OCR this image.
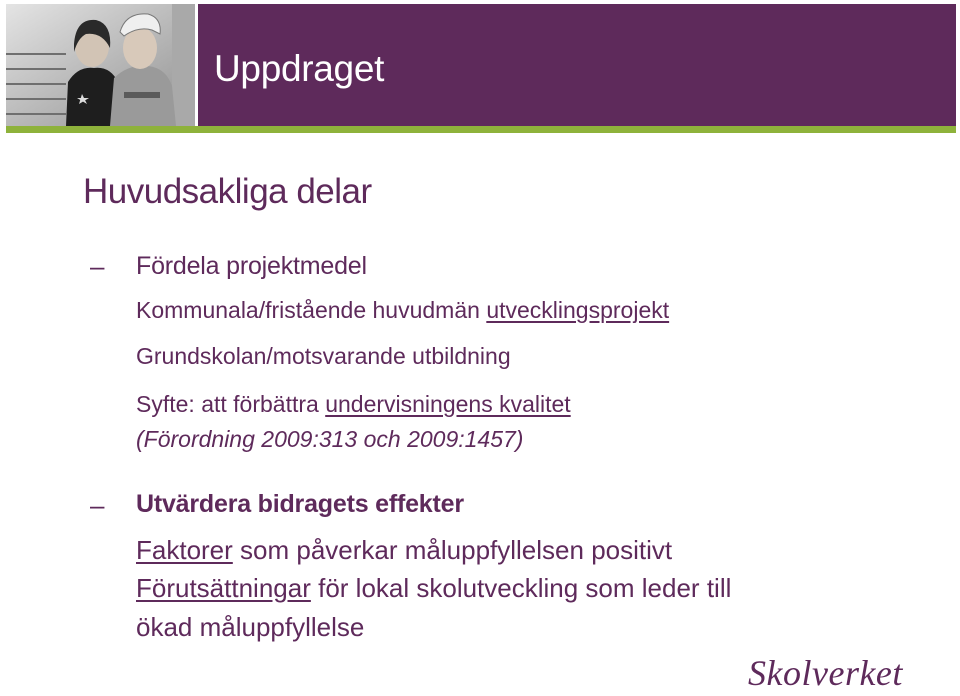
Uppdraget
Huvudsakliga delar
– Fördela projektmedel
Kommunala/fristående huvudmän utvecklingsprojekt
Grundskolan/motsvarande utbildning
Syfte: att förbättra undervisningens kvalitet
(Förordning 2009:313 och 2009:1457)
– Utvärdera bidragets effekter
Faktorer som påverkar måluppfyllelsen positivt
Förutsättningar för lokal skolutveckling som leder till
ökad måluppfyllelse
Skolverket
